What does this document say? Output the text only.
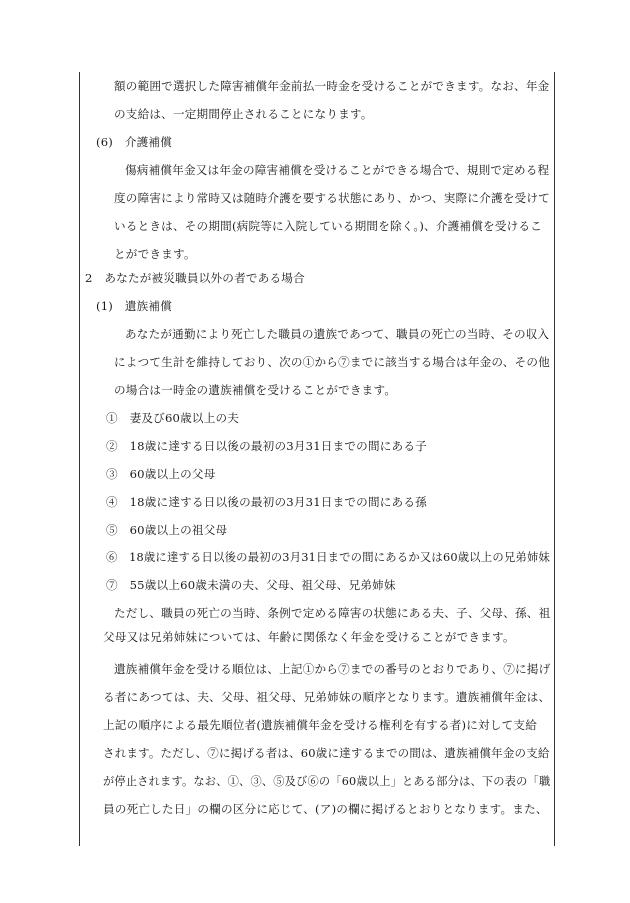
額の範囲で選択した障害補償年金前払一時金を受けることができます。なお、年金
の支給は、一定期間停止されることになります。
(6)　介護補償
傷病補償年金又は年金の障害補償を受けることができる場合で、規則で定める程
度の障害により常時又は随時介護を要する状態にあり、かつ、実際に介護を受けて
いるときは、その期間(病院等に入院している期間を除く。)、介護補償を受けるこ
とができます。
2　あなたが被災職員以外の者である場合
(1)　遺族補償
あなたが通勤により死亡した職員の遺族であつて、職員の死亡の当時、その収入
によつて生計を維持しており、次の①から⑦までに該当する場合は年金の、その他
の場合は一時金の遺族補償を受けることができます。
①　妻及び60歳以上の夫
②　18歳に達する日以後の最初の3月31日までの間にある子
③　60歳以上の父母
④　18歳に達する日以後の最初の3月31日までの間にある孫
⑤　60歳以上の祖父母
⑥　18歳に達する日以後の最初の3月31日までの間にあるか又は60歳以上の兄弟姉妹
⑦　55歳以上60歳未満の夫、父母、祖父母、兄弟姉妹
ただし、職員の死亡の当時、条例で定める障害の状態にある夫、子、父母、孫、祖
父母又は兄弟姉妹については、年齢に関係なく年金を受けることができます。
遺族補償年金を受ける順位は、上記①から⑦までの番号のとおりであり、⑦に掲げ
る者にあつては、夫、父母、祖父母、兄弟姉妹の順序となります。遺族補償年金は、
上記の順序による最先順位者(遺族補償年金を受ける権利を有する者)に対して支給
されます。ただし、⑦に掲げる者は、60歳に達するまでの間は、遺族補償年金の支給
が停止されます。なお、①、③、⑤及び⑥の「60歳以上」とある部分は、下の表の「職
員の死亡した日」の欄の区分に応じて、(ア)の欄に掲げるとおりとなります。また、
